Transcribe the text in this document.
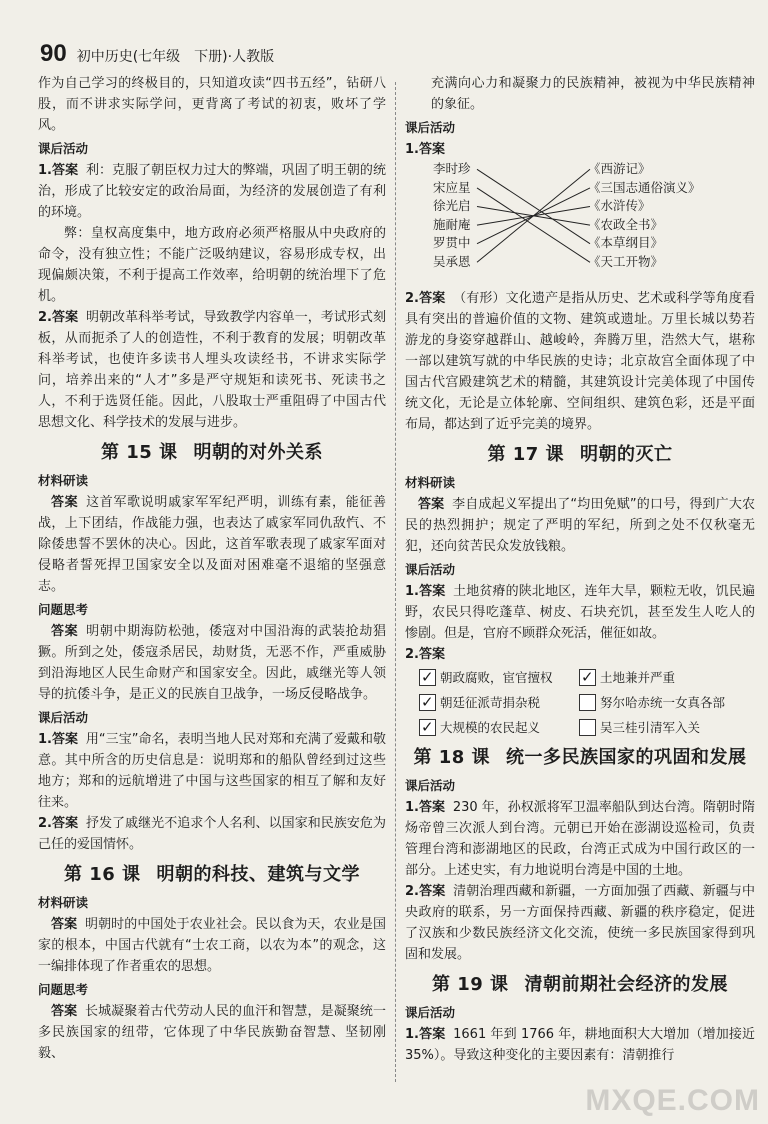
90 初中历史(七年级　下册)·人教版

作为自己学习的终极目的，只知道攻读“四书五经”，钻研八股，而不讲求实际学问，更背离了考试的初衷，败坏了学风。

课后活动

1.答案 利：克服了朝臣权力过大的弊端，巩固了明王朝的统治，形成了比较安定的政治局面，为经济的发展创造了有利的环境。

弊：皇权高度集中，地方政府必须严格服从中央政府的命令，没有独立性；不能广泛吸纳建议，容易形成专权，出现偏颇决策，不利于提高工作效率，给明朝的统治埋下了危机。

2.答案 明朝改革科举考试，导致教学内容单一，考试形式刻板，从而扼杀了人的创造性，不利于教育的发展；明朝改革科举考试，也使许多读书人埋头攻读经书，不讲求实际学问，培养出来的“人才”多是严守规矩和读死书、死读书之人，不利于选贤任能。因此，八股取士严重阻碍了中国古代思想文化、科学技术的发展与进步。

第 15 课 明朝的对外关系
材料研读

答案 这首军歌说明戚家军军纪严明，训练有素，能征善战，上下团结，作战能力强，也表达了戚家军同仇敌忾、不除倭患誓不罢休的决心。因此，这首军歌表现了戚家军面对侵略者誓死捍卫国家安全以及面对困难毫不退缩的坚强意志。

问题思考

答案 明朝中期海防松弛，倭寇对中国沿海的武装抢劫猖獗。所到之处，倭寇杀居民，劫财货，无恶不作，严重威胁到沿海地区人民生命财产和国家安全。因此，戚继光等人领导的抗倭斗争，是正义的民族自卫战争，一场反侵略战争。

课后活动

1.答案 用“三宝”命名，表明当地人民对郑和充满了爱戴和敬意。其中所含的历史信息是：说明郑和的船队曾经到过这些地方；郑和的远航增进了中国与这些国家的相互了解和友好往来。

2.答案 抒发了戚继光不追求个人名利、以国家和民族安危为己任的爱国情怀。

第 16 课 明朝的科技、建筑与文学
材料研读

答案 明朝时的中国处于农业社会。民以食为天，农业是国家的根本，中国古代就有“士农工商，以农为本”的观念，这一编排体现了作者重农的思想。

问题思考

答案 长城凝聚着古代劳动人民的血汗和智慧，是凝聚统一多民族国家的纽带，它体现了中华民族勤奋智慧、坚韧刚毅、

充满向心力和凝聚力的民族精神，被视为中华民族精神的象征。

课后活动

1.答案

李时珍
宋应星
徐光启
施耐庵
罗贯中
吴承恩
《西游记》
《三国志通俗演义》
《水浒传》
《农政全书》
《本草纲目》
《天工开物》

2.答案 （有形）文化遗产是指从历史、艺术或科学等角度看具有突出的普遍价值的文物、建筑或遗址。万里长城以势若游龙的身姿穿越群山、越峻岭，奔腾万里，浩然大气，堪称一部以建筑写就的中华民族的史诗；北京故宫全面体现了中国古代宫殿建筑艺术的精髓，其建筑设计完美体现了中国传统文化，无论是立体轮廓、空间组织、建筑色彩，还是平面布局，都达到了近乎完美的境界。

第 17 课 明朝的灭亡
材料研读

答案 李自成起义军提出了“均田免赋”的口号，得到广大农民的热烈拥护；规定了严明的军纪，所到之处不仅秋毫无犯，还向贫苦民众发放钱粮。

课后活动

1.答案 土地贫瘠的陕北地区，连年大旱，颗粒无收，饥民遍野，农民只得吃蓬草、树皮、石块充饥，甚至发生人吃人的惨剧。但是，官府不顾群众死活，催征如故。

2.答案

✓
朝政腐败，宦官擅权
✓	土地兼并严重
✓
朝廷征派苛捐杂税	努尔哈赤统一女真各部
✓
大规模的农民起义	吴三桂引清军入关
第 18 课 统一多民族国家的巩固和发展
课后活动

1.答案 230 年，孙权派将军卫温率船队到达台湾。隋朝时隋炀帝曾三次派人到台湾。元朝已开始在澎湖设巡检司，负责管理台湾和澎湖地区的民政，台湾正式成为中国行政区的一部分。上述史实，有力地说明台湾是中国的土地。

2.答案 清朝治理西藏和新疆，一方面加强了西藏、新疆与中央政府的联系，另一方面保持西藏、新疆的秩序稳定，促进了汉族和少数民族经济文化交流，使统一多民族国家得到巩固和发展。

第 19 课 清朝前期社会经济的发展
课后活动

1.答案 1661 年到 1766 年，耕地面积大大增加（增加接近 35%）。导致这种变化的主要因素有：清朝推行

MXQE.COM
